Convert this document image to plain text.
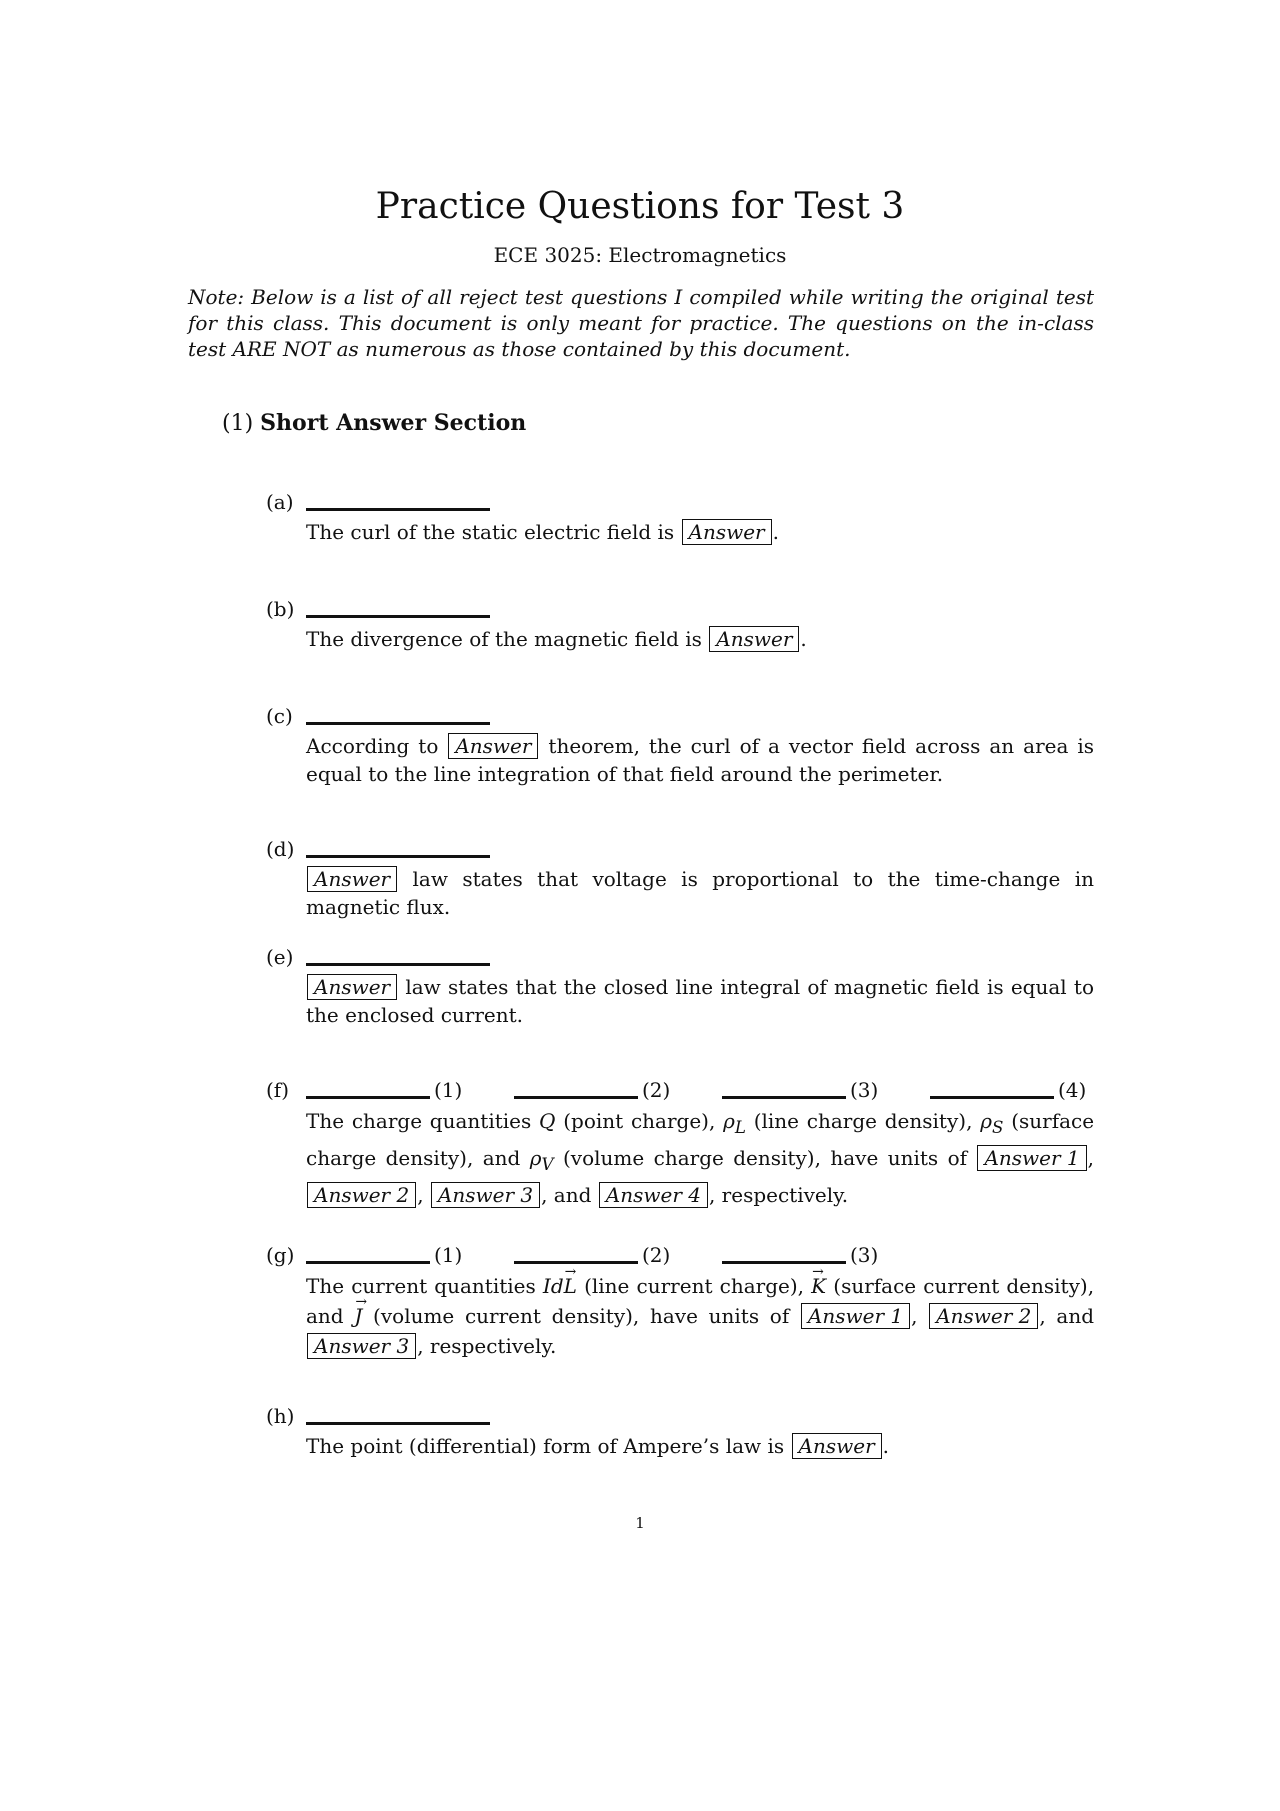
Practice Questions for Test 3
ECE 3025: Electromagnetics
Note: Below is a list of all reject test questions I compiled while writing the original test for this class. This document is only meant for practice. The questions on the in-class test ARE NOT as numerous as those contained by this document.
(1) Short Answer Section
(a)
The curl of the static electric field is Answer .
(b)
The divergence of the magnetic field is Answer .
(c)
According to Answer theorem, the curl of a vector field across an area is equal to the line integration of that field around the perimeter.
(d)
Answer law states that voltage is proportional to the time-change in magnetic flux.
(e)
Answer law states that the closed line integral of magnetic field is equal to the enclosed current.
(f)	(1)	(2)	(3)	(4)
The charge quantities Q (point charge), $\rho_L$ (line charge density), $\rho_S$ (surface charge density), and $\rho_V$ (volume charge density), have units of Answer 1 , Answer 2 , Answer 3 , and Answer 4 , respectively.
(g)	(1)	(2)	(3)
The current quantities Id→ L (line current charge), → K (surface current density), and → J (volume current density), have units of Answer 1 , Answer 2 , and Answer 3 , respectively.
(h)
The point (differential) form of Ampere’s law is Answer .
1
